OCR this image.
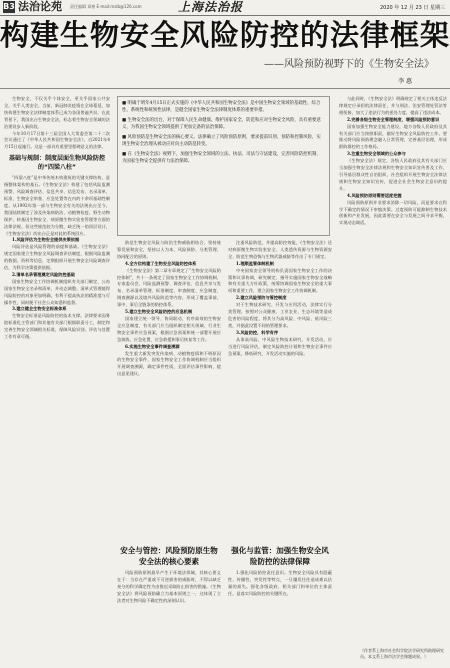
B3 法治论苑 责任编辑 章窗 E-mail:mslb@126.com	上海法治报	2020 年 12 月 23 日 星期三
构建生物安全风险防控的法律框架
——风险预防视野下的《生物安全法》
李 惠

■ 明确于明年4月15日正式实施的《中华人民共和国生物安全法》是中国生物安全领域的基础性、综合性、系统性和统领性法律，是健全国家生物安全法律制度体系的重要举措。

■ 生物安全法的出台，对于保障人民生命健康、维护国家安全、防范和应对生物安全风险，具有重要意义，为我国生物安全领域提供了更加完备的法治保障。

■ 风险预防是生物安全法的核心要义。法律确立了风险预防原则，要求提前识别、预防和控制风险，实现生物安全治理从被动应对向主动防范转变。

■ 在《生物安全法》视野下，加强生物安全领域的立法、执法、司法与守法建设，完善风险防控机制，为国家生物安全提供有力法治保障。

生物安全，不仅关乎个体安全，更关乎国家公共安全，关乎人类安全。当前，新冠肺炎疫情在全球蔓延，加快构建生物安全法律制度体系已成为各国普遍共识。在此背景下，我国出台生物安全法，标志着生物安全领域的法治建设步入新阶段。

今年10月17日第十三届全国人大常委会第二十二次会议通过了《中华人民共和国生物安全法》，自2021年4月15日起施行。这是一部具有重要里程碑意义的法律。

基础与规制：制度层面生物风险防控的“四梁八柱”

“四梁八柱”是中华传统木构建筑的关键支撑结构，意指整体架构的基石。《生物安全法》构建了包括风险监测预警、风险调查评估、信息共享、信息发布、名录清单、标准、生物安全审查、应急处置等在内的十余项基础性制度。从1992年第一部与生物安全有关的法规出台至今，我国陆续制定了涉及传染病防治、动植物检疫、野生动物保护、转基因生物安全、病原微生物实验室管理等方面的法律法规。但这些规范较为分散，缺乏统一的顶层设计，《生物安全法》的出台正是对此的系统回应。

1.风险评估为生物安全提供决策依据

风险评估是风险管理的前提和基础。《生物安全法》规定国家建立生物安全风险调查评估制度，根据风险监测的数据、资料等信息，定期组织开展生物安全风险调查评估，为科学决策提供依据。

2.清单名录管理奠定风险防控基础

国家生物安全工作协调机制组织有关部门制定、公布国家生物安全名录和清单，并动态调整。清单式管理使得风险防控的对象更加明确，有利于提高执法的精准度与可操作性，同时便于社会公众知悉和监督。

3.建立健全生物安全标准体系

生物安全标准是风险防控的技术支撑。法律要求国务院标准化主管部门和其他有关部门根据职责分工，制定和完善生物安全领域相关标准，保障风险识别、评估与处置工作有章可循。

防范生物安全风险与防治生物威胁相结合，坚持统筹发展和安全，坚持以人为本、风险预防、分类管理、协同配合的原则。

4.全方位构建了生物安全风险防控体系

《生物安全法》第二章专章规定了“生物安全风险防控体制”，共十一条规定了国家生物安全工作协调机制、专家委员会、风险监测预警、调查评估、信息共享与发布、名录清单管理、标准制度、审查制度、应急制度、调查溯源以及境外风险防范等内容，形成了覆盖事前、事中、事后全链条的防控体系。

5.建立生物安全风险防控的应急机制

国家建立统一领导、协同联动、有序高效的生物安全应急制度，有关部门应当组织制定相关领域、行业生物安全事件应急预案，根据应急预案和统一部署开展应急演练、应急处置、应急救援和事后恢复等工作。

6.实施生物安全事件调查溯源

发生重大新发突发传染病、动植物疫情和不明原因的生物安全事件，国家生物安全工作协调机制应当组织开展调查溯源，确定事件性质，全面评估事件影响，提出意见建议。

安全与管控：风险预防原生物安全法的核心要素

风险预防原则最早产生于环境法领域，其核心要义在于：当存在严重或不可逆损害的威胁时，不得以缺乏充分的科学确定性为由推迟采取防止损害的措施。《生物安全法》将风险预防确立为基本原则之一，这体现了立法者对生物风险不确定性的深刻认识。

注重风险防范，并提高防控效能，《生物安全法》还对病原微生物实验室安全、人类遗传资源与生物资源安全、防范生物恐怖与生物武器威胁等作出了专门规定。

1.理顺监管体制机制

中央国家安全领导机构负责国家生物安全工作的决策和议事协调，研究制定、指导实施国家生物安全战略和有关重大方针政策，统筹协调国家生物安全的重大事项和重要工作，建立国家生物安全工作协调机制。

2.建立风险预防与管控制度

对于生物技术研究、开发与应用活动，法律实行分类管理，按照对公众健康、工业农业、生态环境等造成危害的风险程度，将其分为高风险、中风险、低风险三类，并据此设置不同的管理要求。

3.风险防控，科学有序

从事高风险、中风险生物技术研究、开发活动，应当进行风险评估，制定风险防控计划和生物安全事件应急预案，降低研究、开发活动实施的风险。

强化与监管：加强生物安全风险防控的法律保障

1.强化风险防控责任意识。生物安全风险具有隐蔽性、传播性、突发性等特点，一旦爆发往往造成难以估量的损失。强化各级政府、相关部门和单位的主体责任，是落实风险防控的关键所在。

与此同时，《生物安全法》明确规定了相关主体违反法律规定应承担的法律责任，并与刑法、治安管理处罚法等相衔接，加大了违法行为的惩处力度，提高了违法成本。

2.完善各级生物安全管理制度，增强风险预防意识

国家加强生物安全能力建设，地方各级人民政府及其有关部门应当按照职责，做好生物安全风险防控工作。要推动将风险预防理念融入日常管理，完善基层治理，形成群防群控的工作格局。

3.注重生物安全领域的公众参与

《生物安全法》规定，各级人民政府及其有关部门应当加强生物安全法律法规和生物安全知识宣传普及工作，引导基层群众性自治组织、社会组织开展生物安全法律法规和生物安全知识宣传，促进全社会生物安全意识的提升。

4.风险预防原则需要适度把握

风险预防原则并非要求消除一切风险，而是要求在科学不确定的情况下审慎决策。过度预防可能抑制生物技术创新和产业发展，因此需要在安全与发展之间寻求平衡，实现动态调适。

（作者系上海市社会科学院法学研究所助理研究员。本文系上海市法学会课题成果。）
